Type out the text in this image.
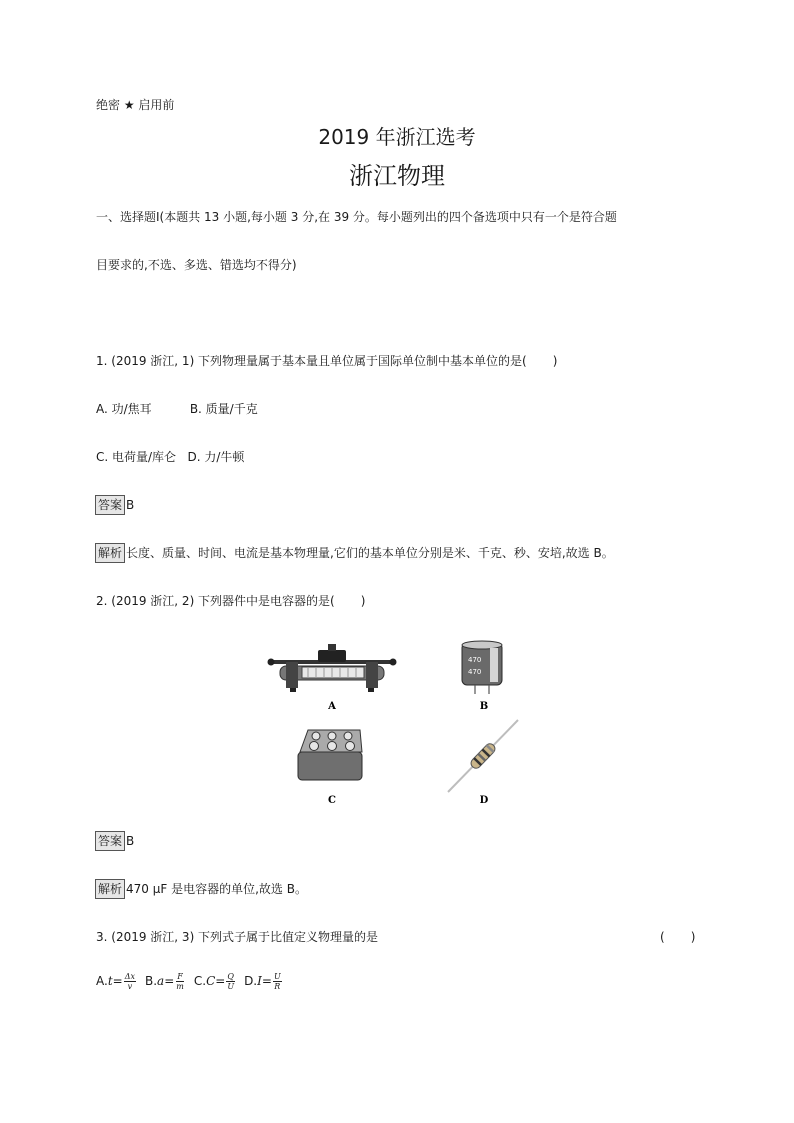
绝密 ★ 启用前
2019 年浙江选考
浙江物理
一、选择题I(本题共 13 小题,每小题 3 分,在 39 分。每小题列出的四个备选项中只有一个是符合题
目要求的,不选、多选、错选均不得分)
1. (2019 浙江, 1) 下列物理量属于基本量且单位属于国际单位制中基本单位的是( )
A. 功/焦耳          B. 质量/千克
C. 电荷量/库仑   D. 力/牛顿
答案 B
解析 长度、质量、时间、电流是基本物理量,它们的基本单位分别是米、千克、秒、安培,故选 B。
2. (2019 浙江, 2) 下列器件中是电容器的是( )
470
470
A	B
C	D
答案 B
解析 470 μF 是电容器的单位,故选 B。
3. (2019 浙江, 3) 下列式子属于比值定义物理量的是	( )
$A.t= \frac{\Delta x}{v} B.a= \frac{F}{m} C.C= \frac{Q}{U} D.I= \frac{U}{R}$
